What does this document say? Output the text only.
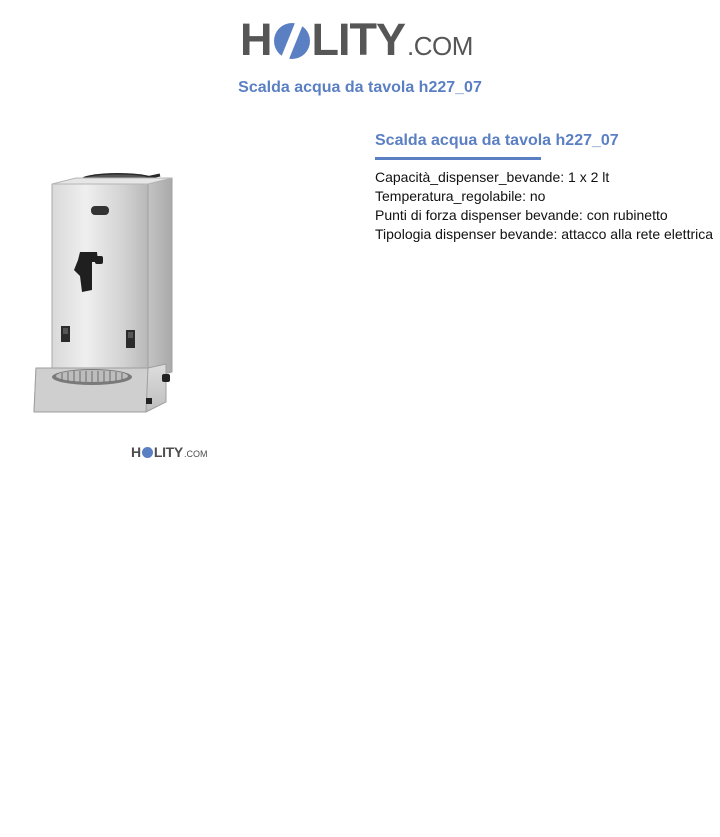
H LITY .COM
Scalda acqua da tavola h227_07
H LITY .COM
Scalda acqua da tavola h227_07
Capacità_dispenser_bevande: 1 x 2 lt
Temperatura_regolabile: no
Punti di forza dispenser bevande: con rubinetto
Tipologia dispenser bevande: attacco alla rete elettrica
